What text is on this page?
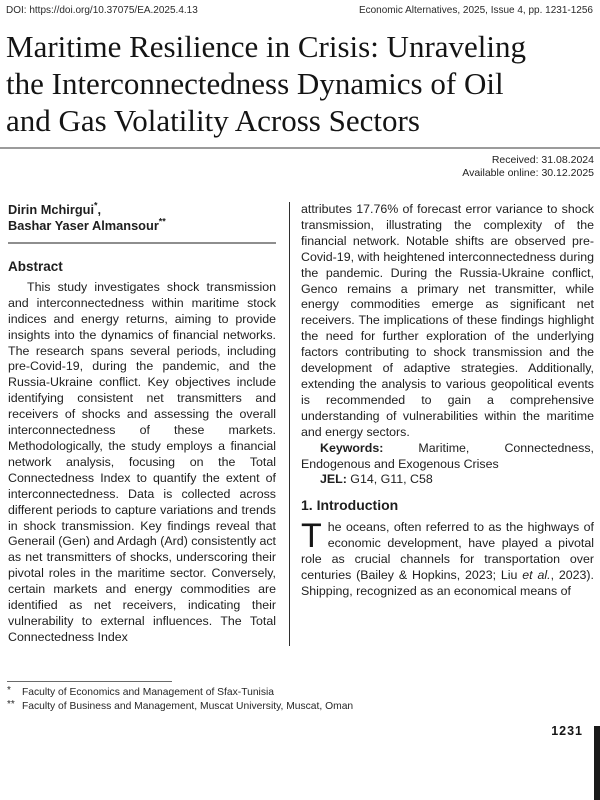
DOI: https://doi.org/10.37075/EA.2025.4.13	Economic Alternatives, 2025, Issue 4, pp. 1231-1256
Maritime Resilience in Crisis: Unraveling
the Interconnectedness Dynamics of Oil
and Gas Volatility Across Sectors
Received: 31.08.2024
Available online: 30.12.2025
Dirin Mchirgui*,
Bashar Yaser Almansour**
Abstract

This study investigates shock transmission and interconnectedness within maritime stock indices and energy returns, aiming to provide insights into the dynamics of financial networks. The research spans several periods, including pre-Covid-19, during the pandemic, and the Russia-Ukraine conflict. Key objectives include identifying consistent net transmitters and receivers of shocks and assessing the overall interconnectedness of these markets. Methodologically, the study employs a financial network analysis, focusing on the Total Connectedness Index to quantify the extent of interconnectedness. Data is collected across different periods to capture variations and trends in shock transmission. Key findings reveal that Generail (Gen) and Ardagh (Ard) consistently act as net transmitters of shocks, underscoring their pivotal roles in the maritime sector. Conversely, certain markets and energy commodities are identified as net receivers, indicating their vulnerability to external influences. The Total Connectedness Index

attributes 17.76% of forecast error variance to shock transmission, illustrating the complexity of the financial network. Notable shifts are observed pre-Covid-19, with heightened interconnectedness during the pandemic. During the Russia-Ukraine conflict, Genco remains a primary net transmitter, while energy commodities emerge as significant net receivers. The implications of these findings highlight the need for further exploration of the underlying factors contributing to shock transmission and the development of adaptive strategies. Additionally, extending the analysis to various geopolitical events is recommended to gain a comprehensive understanding of vulnerabilities within the maritime and energy sectors.

Keywords: Maritime, Connectedness, Endogenous and Exogenous Crises

JEL: G14, G11, C58

1. Introduction

The oceans, often referred to as the highways of economic development, have played a pivotal role as crucial channels for transportation over centuries (Bailey & Hopkins, 2023; Liu et al., 2023). Shipping, recognized as an economical means of

*	Faculty of Economics and Management of Sfax-Tunisia
** Faculty of Business and Management, Muscat University, Muscat, Oman
1231
